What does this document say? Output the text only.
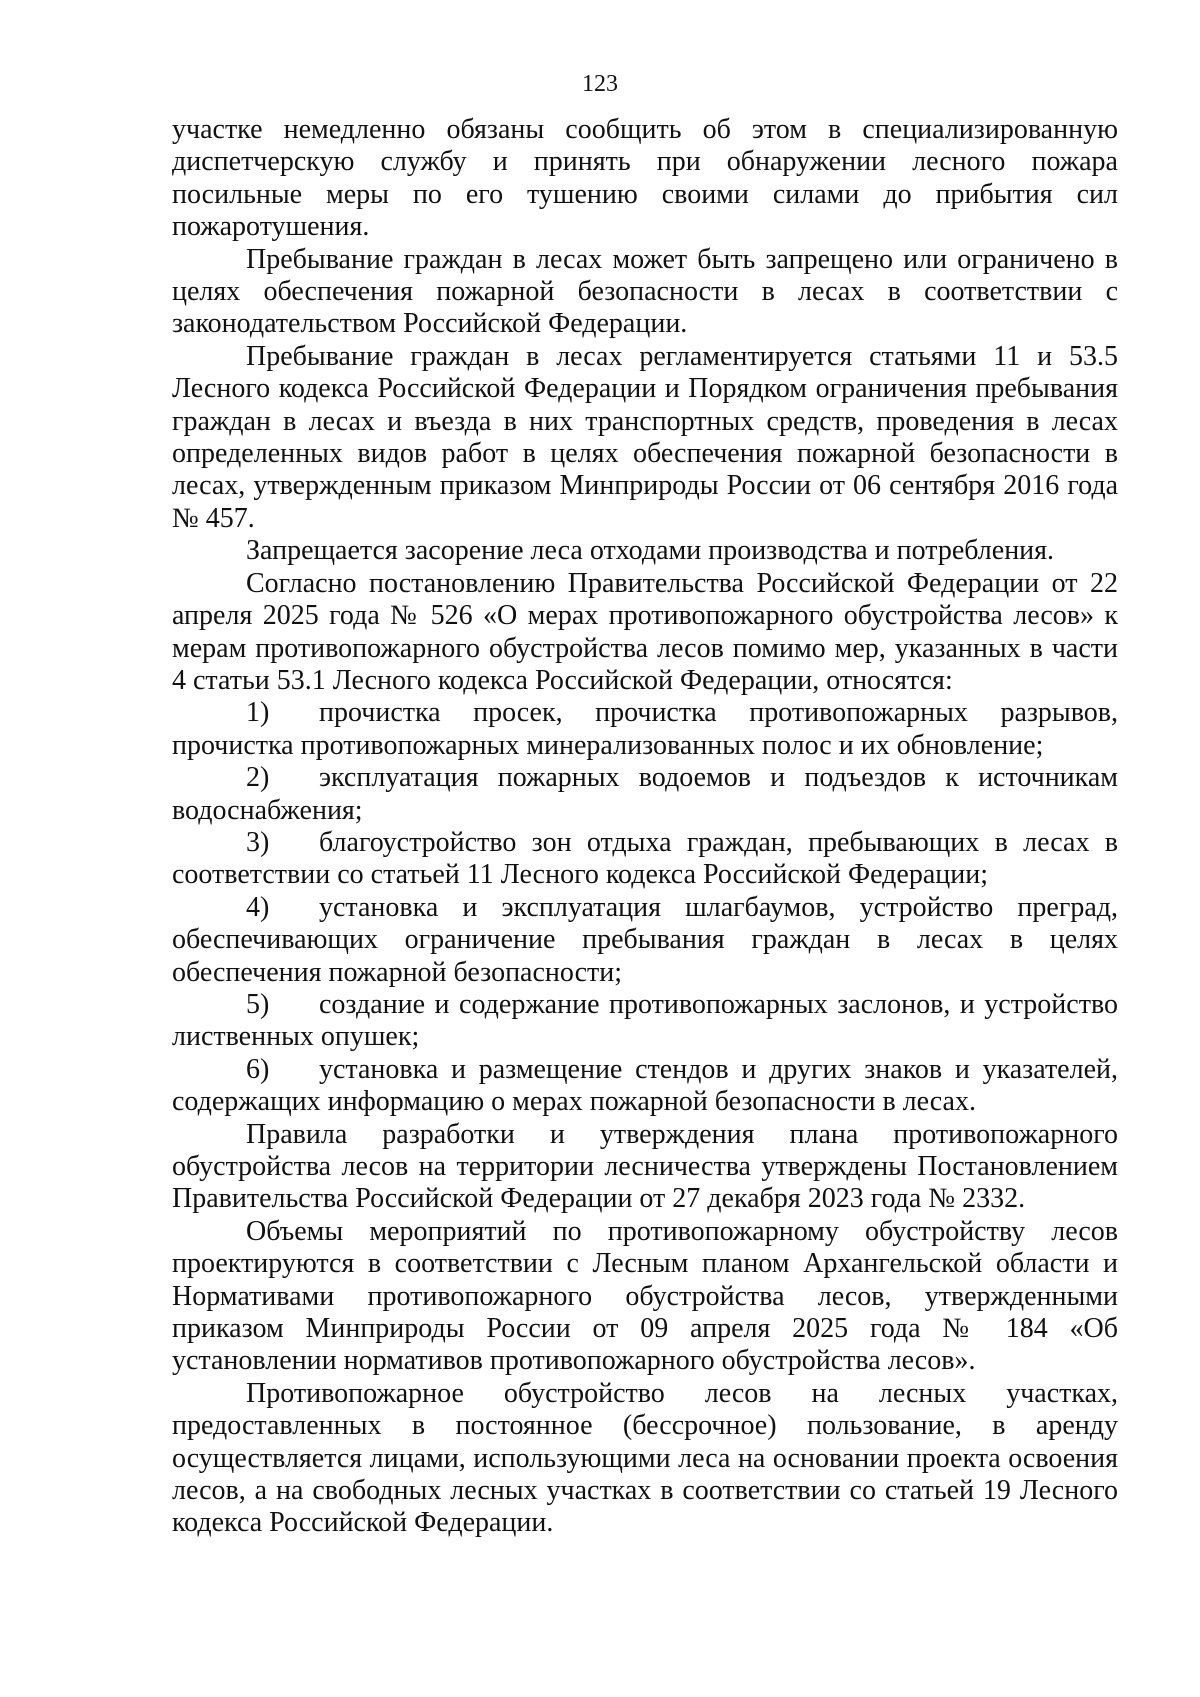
123

участке немедленно обязаны сообщить об этом в специализированную диспетчерскую службу и принять при обнаружении лесного пожара посильные меры по его тушению своими силами до прибытия сил пожаротушения.

Пребывание граждан в лесах может быть запрещено или ограничено в целях обеспечения пожарной безопасности в лесах в соответствии с законодательством Российской Федерации.

Пребывание граждан в лесах регламентируется статьями 11 и 53.5 Лесного кодекса Российской Федерации и Порядком ограничения пребывания граждан в лесах и въезда в них транспортных средств, проведения в лесах определенных видов работ в целях обеспечения пожарной безопасности в лесах, утвержденным приказом Минприроды России от 06 сентября 2016 года № 457.

Запрещается засорение леса отходами производства и потребления.

Согласно постановлению Правительства Российской Федерации от 22 апреля 2025 года № 526 «О мерах противопожарного обустройства лесов» к мерам противопожарного обустройства лесов помимо мер, указанных в части 4 статьи 53.1 Лесного кодекса Российской Федерации, относятся:

1) прочистка просек, прочистка противопожарных разрывов, прочистка противопожарных минерализованных полос и их обновление;

2) эксплуатация пожарных водоемов и подъездов к источникам водоснабжения;

3) благоустройство зон отдыха граждан, пребывающих в лесах в соответствии со статьей 11 Лесного кодекса Российской Федерации;

4) установка и эксплуатация шлагбаумов, устройство преград, обеспечивающих ограничение пребывания граждан в лесах в целях обеспечения пожарной безопасности;

5) создание и содержание противопожарных заслонов, и устройство лиственных опушек;

6) установка и размещение стендов и других знаков и указателей, содержащих информацию о мерах пожарной безопасности в лесах.

Правила разработки и утверждения плана противопожарного обустройства лесов на территории лесничества утверждены Постановлением Правительства Российской Федерации от 27 декабря 2023 года № 2332.

Объемы мероприятий по противопожарному обустройству лесов проектируются в соответствии с Лесным планом Архангельской области и Нормативами противопожарного обустройства лесов, утвержденными приказом Минприроды России от 09 апреля 2025 года № 184 «Об установлении нормативов противопожарного обустройства лесов».

Противопожарное обустройство лесов на лесных участках, предоставленных в постоянное (бессрочное) пользование, в аренду осуществляется лицами, использующими леса на основании проекта освоения лесов, а на свободных лесных участках в соответствии со статьей 19 Лесного кодекса Российской Федерации.
